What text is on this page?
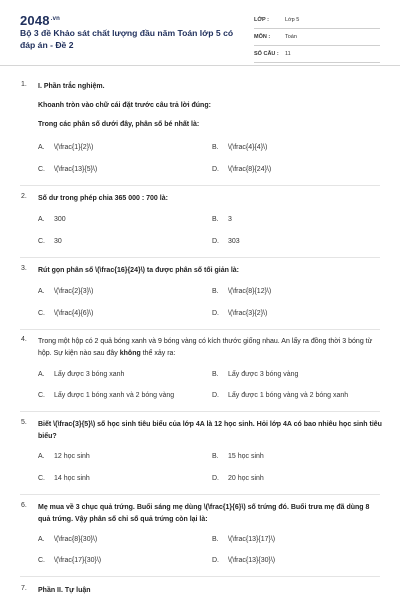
$2048^{.vn}$
Bộ 3 đề Khảo sát chất lượng đầu năm Toán lớp 5 có đáp án - Đề 2
LỚP :	Lớp 5
MÔN :	Toán
SỐ CÂU : 11
1. I. Phần trắc nghiệm.
Khoanh tròn vào chữ cái đặt trước câu trả lời đúng:
Trong các phân số dưới đây, phân số bé nhất là:
A. \(\frac{1}{2}\)	B. \(\frac{4}{4}\)
C. \(\frac{13}{5}\)	D. \(\frac{8}{24}\)
2. Số dư trong phép chia 365 000 : 700 là:
A. 300	B. 3
C. 30	D. 303
3. Rút gọn phân số \(\frac{16}{24}\) ta được phân số tối giản là:
A. \(\frac{2}{3}\)	B. \(\frac{8}{12}\)
C. \(\frac{4}{6}\)	D. \(\frac{3}{2}\)
4. Trong một hộp có 2 quả bóng xanh và 9 bóng vàng có kích thước giống nhau. An lấy ra đồng thời 3 bóng từ hộp. Sự kiện nào sau đây không thể xảy ra:
A. Lấy được 3 bóng xanh	B. Lấy được 3 bóng vàng
C. Lấy được 1 bóng xanh và 2 bóng vàng	D. Lấy được 1 bóng vàng và 2 bóng xanh
5. Biết \(\frac{3}{5}\) số học sinh tiêu biểu của lớp 4A là 12 học sinh. Hỏi lớp 4A có bao nhiêu học sinh tiêu biểu?
A. 12 học sinh	B. 15 học sinh
C. 14 học sinh	D. 20 học sinh
6. Mẹ mua về 3 chục quả trứng. Buổi sáng mẹ dùng \(\frac{1}{6}\) số trứng đó. Buổi trưa mẹ đã dùng 8 quả trứng. Vậy phân số chỉ số quả trứng còn lại là:
A. \(\frac{8}{30}\)	B. \(\frac{13}{17}\)
C. \(\frac{17}{30}\)	D. \(\frac{13}{30}\)
7. Phần II. Tự luận
